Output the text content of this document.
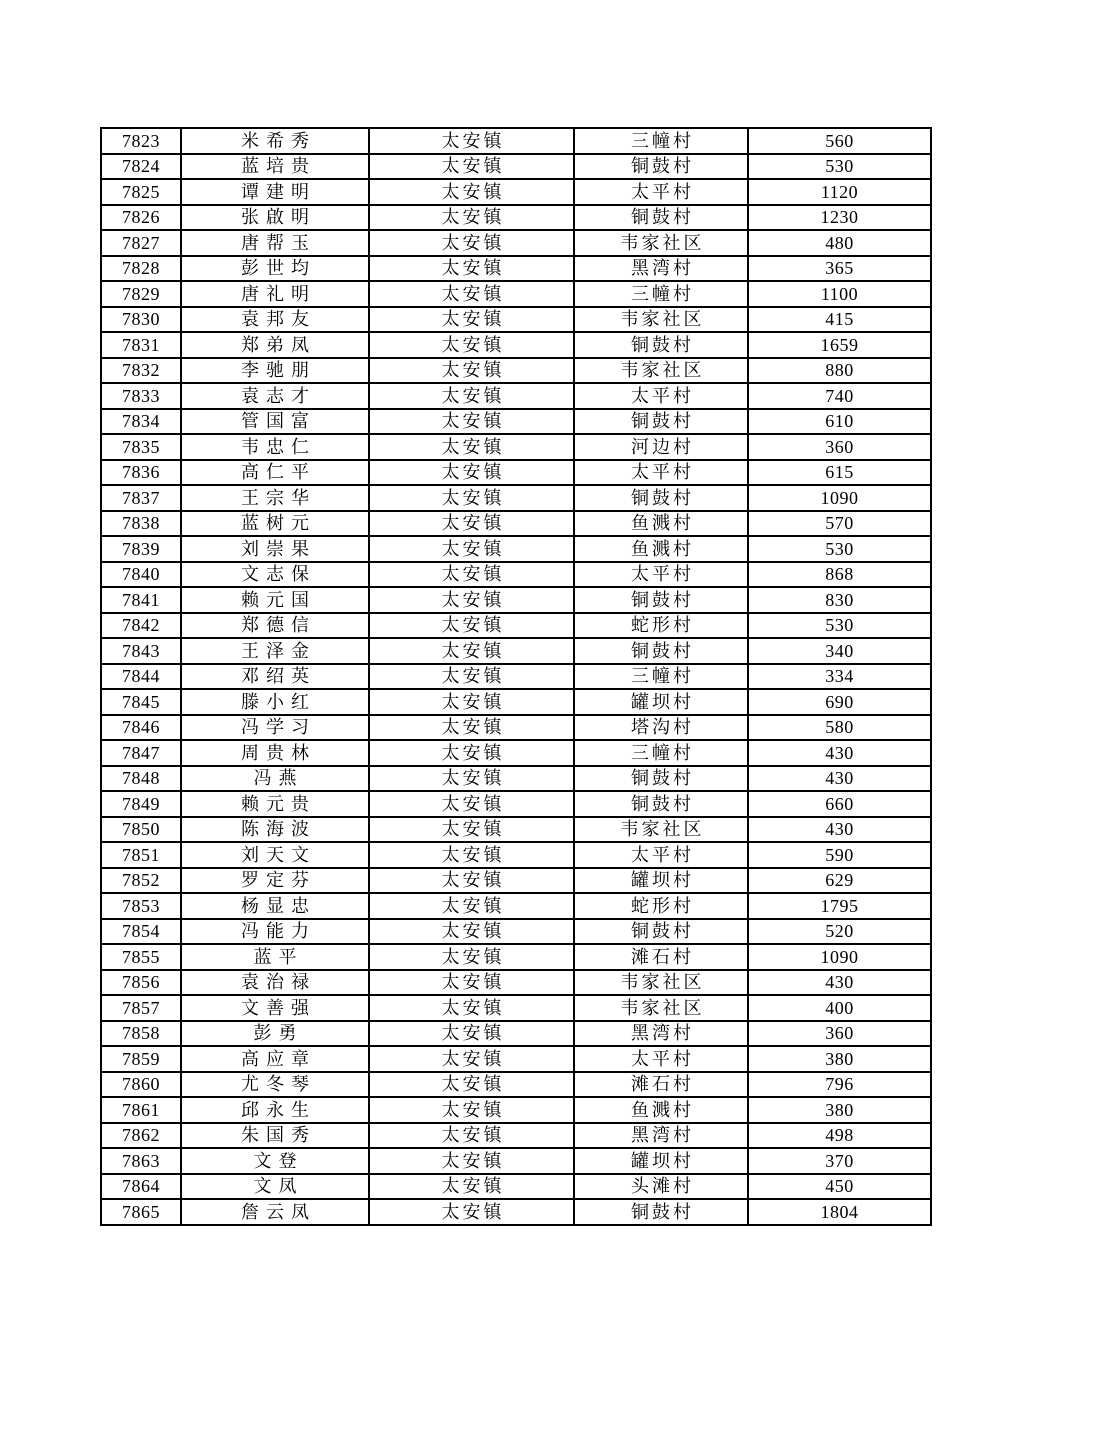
7823	米希秀	太安镇	三幢村	560
7824	蓝培贵	太安镇	铜鼓村	530
7825	谭建明	太安镇	太平村	1120
7826	张啟明	太安镇	铜鼓村	1230
7827	唐帮玉	太安镇	韦家社区	480
7828	彭世均	太安镇	黑湾村	365
7829	唐礼明	太安镇	三幢村	1100
7830	袁邦友	太安镇	韦家社区	415
7831	郑弟凤	太安镇	铜鼓村	1659
7832	李驰朋	太安镇	韦家社区	880
7833	袁志才	太安镇	太平村	740
7834	管国富	太安镇	铜鼓村	610
7835	韦忠仁	太安镇	河边村	360
7836	高仁平	太安镇	太平村	615
7837	王宗华	太安镇	铜鼓村	1090
7838	蓝树元	太安镇	鱼溅村	570
7839	刘崇果	太安镇	鱼溅村	530
7840	文志保	太安镇	太平村	868
7841	赖元国	太安镇	铜鼓村	830
7842	郑德信	太安镇	蛇形村	530
7843	王泽金	太安镇	铜鼓村	340
7844	邓绍英	太安镇	三幢村	334
7845	滕小红	太安镇	罐坝村	690
7846	冯学习	太安镇	塔沟村	580
7847	周贵林	太安镇	三幢村	430
7848	冯燕	太安镇	铜鼓村	430
7849	赖元贵	太安镇	铜鼓村	660
7850	陈海波	太安镇	韦家社区	430
7851	刘天文	太安镇	太平村	590
7852	罗定芬	太安镇	罐坝村	629
7853	杨显忠	太安镇	蛇形村	1795
7854	冯能力	太安镇	铜鼓村	520
7855	蓝平	太安镇	滩石村	1090
7856	袁治禄	太安镇	韦家社区	430
7857	文善强	太安镇	韦家社区	400
7858	彭勇	太安镇	黑湾村	360
7859	高应章	太安镇	太平村	380
7860	尤冬琴	太安镇	滩石村	796
7861	邱永生	太安镇	鱼溅村	380
7862	朱国秀	太安镇	黑湾村	498
7863	文登	太安镇	罐坝村	370
7864	文凤	太安镇	头滩村	450
7865	詹云凤	太安镇	铜鼓村	1804
